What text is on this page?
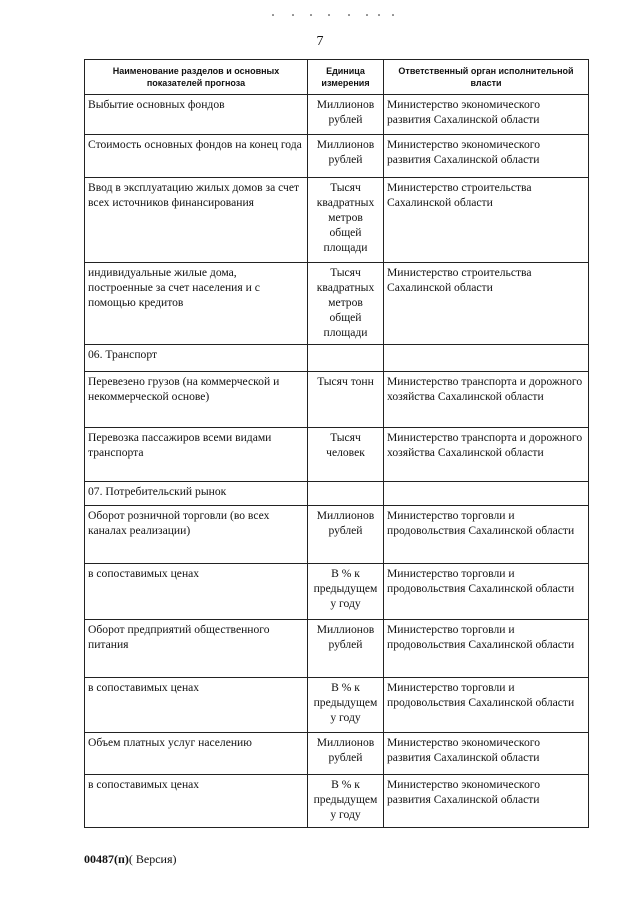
7
Наименование разделов и основных показателей прогноза	Единица измерения	Ответственный орган исполнительной власти
Выбытие основных фондов	Миллионов рублей	Министерство экономического развития Сахалинской области
Стоимость основных фондов на конец года	Миллионов рублей	Министерство экономического развития Сахалинской области
Ввод в эксплуатацию жилых домов за счет всех источников финансирования	Тысяч квадратных метров общей площади	Министерство строительства Сахалинской области
индивидуальные жилые дома, построенные за счет населения и с помощью кредитов	Тысяч квадратных метров общей площади	Министерство строительства Сахалинской области
06. Транспорт		
Перевезено грузов (на коммерческой и некоммерческой основе)	Тысяч тонн	Министерство транспорта и дорожного хозяйства Сахалинской области
Перевозка пассажиров всеми видами транспорта	Тысяч человек	Министерство транспорта и дорожного хозяйства Сахалинской области
07. Потребительский рынок		
Оборот розничной торговли (во всех каналах реализации)	Миллионов рублей	Министерство торговли и продовольствия Сахалинской области
в сопоставимых ценах	В % к предыдущем у году	Министерство торговли и продовольствия Сахалинской области
Оборот предприятий общественного питания	Миллионов рублей	Министерство торговли и продовольствия Сахалинской области
в сопоставимых ценах	В % к предыдущем у году	Министерство торговли и продовольствия Сахалинской области
Объем платных услуг населению	Миллионов рублей	Министерство экономического развития Сахалинской области
в сопоставимых ценах	В % к предыдущем у году	Министерство экономического развития Сахалинской области
00487(п)( Версия)
